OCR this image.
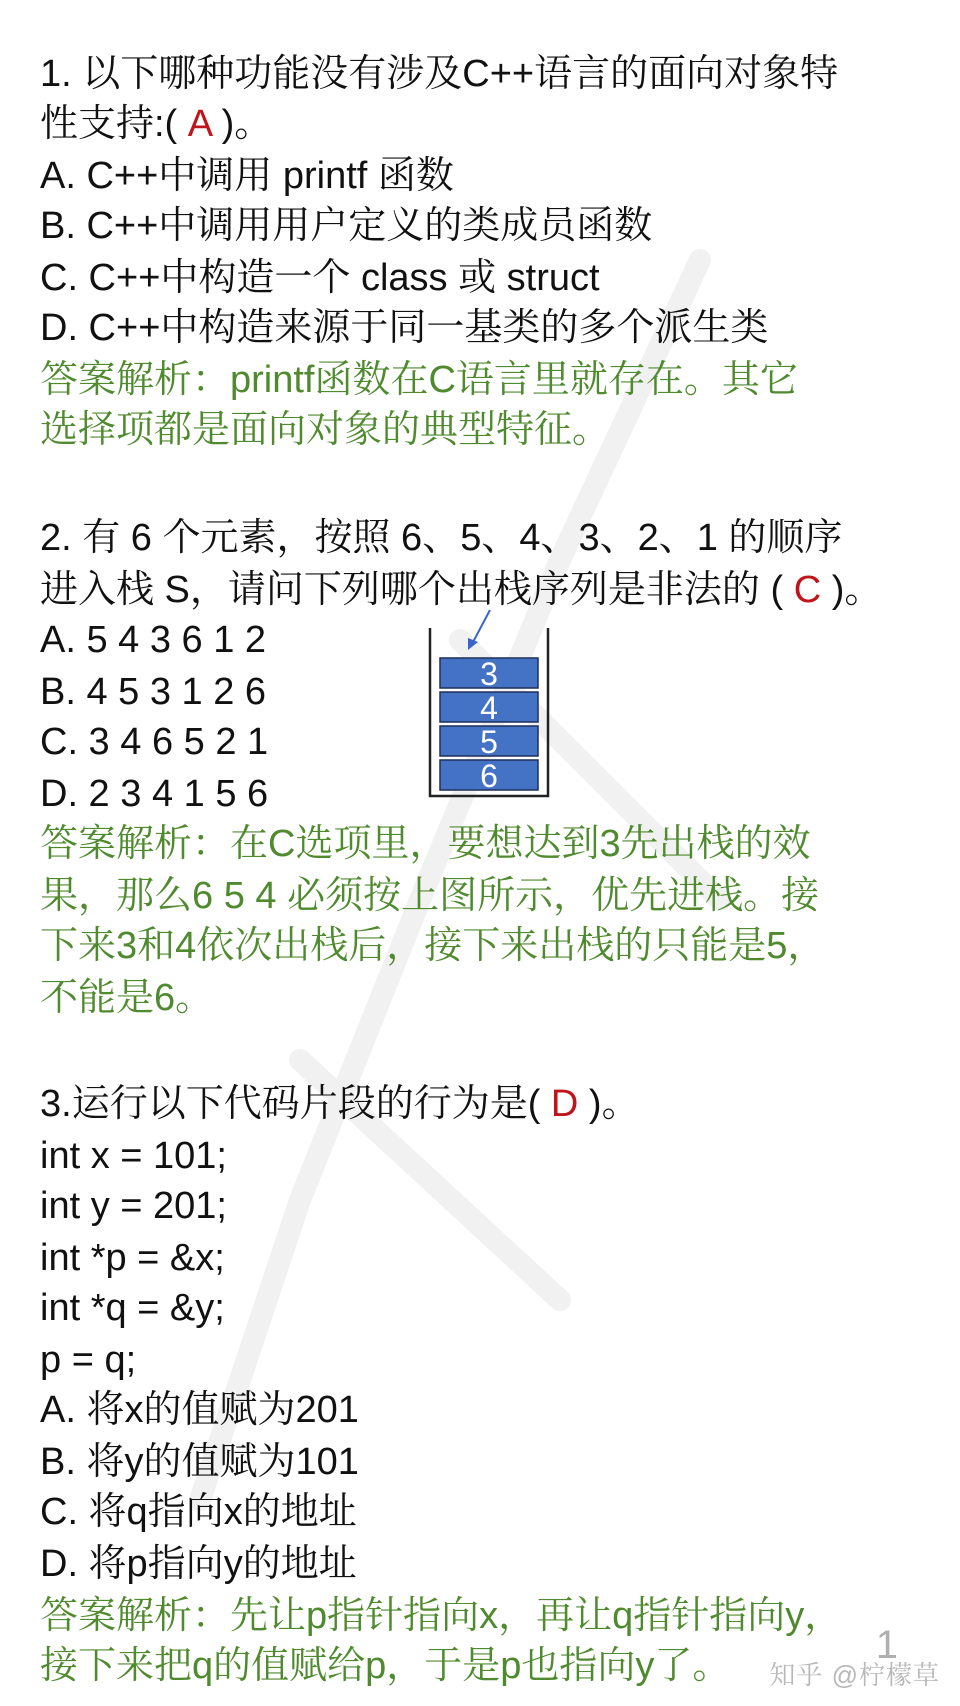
1. 以下哪种功能没有涉及C++语言的面向对象特
性支持:( A )。
A. C++中调用 printf 函数
B. C++中调用用户定义的类成员函数
C. C++中构造一个 class 或 struct
D. C++中构造来源于同一基类的多个派生类
答案解析：printf函数在C语言里就存在。其它
选择项都是面向对象的典型特征。
2. 有 6 个元素，按照 6、5、4、3、2、1 的顺序
进入栈 S，请问下列哪个出栈序列是非法的 ( C )。
A. 5 4 3 6 1 2
B. 4 5 3 1 2 6
C. 3 4 6 5 2 1
D. 2 3 4 1 5 6
3
4
5
6
答案解析：在C选项里，要想达到3先出栈的效
果，那么6 5 4 必须按上图所示，优先进栈。接
下来3和4依次出栈后，接下来出栈的只能是5，
不能是6。
3.运行以下代码片段的行为是( D )。
int x = 101;
int y = 201;
int *p = &x;
int *q = &y;
p = q;
A. 将x的值赋为201
B. 将y的值赋为101
C. 将q指向x的地址
D. 将p指向y的地址
答案解析：先让p指针指向x，再让q指针指向y，
接下来把q的值赋给p，于是p也指向y了。	1
知乎 @柠檬草
